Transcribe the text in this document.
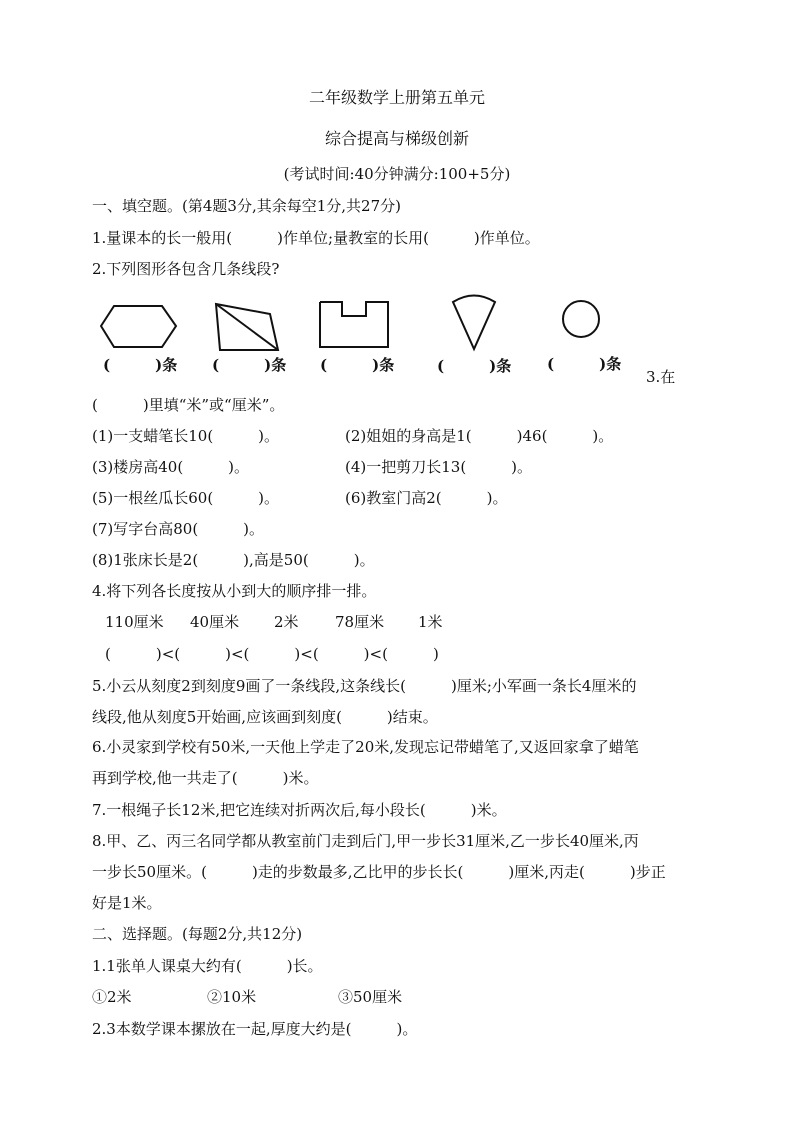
二年级数学上册第五单元
综合提高与梯级创新
(考试时间:40分钟满分:100+5分)
一、填空题。(第4题3分,其余每空1分,共27分)
1.量课本的长一般用(　　　)作单位;量教室的长用(　　　)作单位。
2.下列图形各包含几条线段?
(　　　)条 (　　　)条 (　　　)条	(　　　)条 (　　　)条
3.在
(　　　)里填“米”或“厘米”。
(1)一支蜡笔长10(　　　)。	(2)姐姐的身高是1(　　　)46(　　　)。
(3)楼房高40(　　　)。	(4)一把剪刀长13(　　　)。
(5)一根丝瓜长60(　　　)。	(6)教室门高2(　　　)。
(7)写字台高80(　　　)。
(8)1张床长是2(　　　),高是50(　　　)。
4.将下列各长度按从小到大的顺序排一排。
110厘米 40厘米 2米 78厘米 1米
(　　　)<(　　　)<(　　　)<(　　　)<(　　　)
5.小云从刻度2到刻度9画了一条线段,这条线长(　　　)厘米;小军画一条长4厘米的
线段,他从刻度5开始画,应该画到刻度(　　　)结束。
6.小灵家到学校有50米,一天他上学走了20米,发现忘记带蜡笔了,又返回家拿了蜡笔
再到学校,他一共走了(　　　)米。
7.一根绳子长12米,把它连续对折两次后,每小段长(　　　)米。
8.甲、乙、丙三名同学都从教室前门走到后门,甲一步长31厘米,乙一步长40厘米,丙
一步长50厘米。(　　　)走的步数最多,乙比甲的步长长(　　　)厘米,丙走(　　　)步正
好是1米。
二、选择题。(每题2分,共12分)
1.1张单人课桌大约有(　　　)长。
①2米	②10米	③50厘米
2.3本数学课本摞放在一起,厚度大约是(　　　)。
